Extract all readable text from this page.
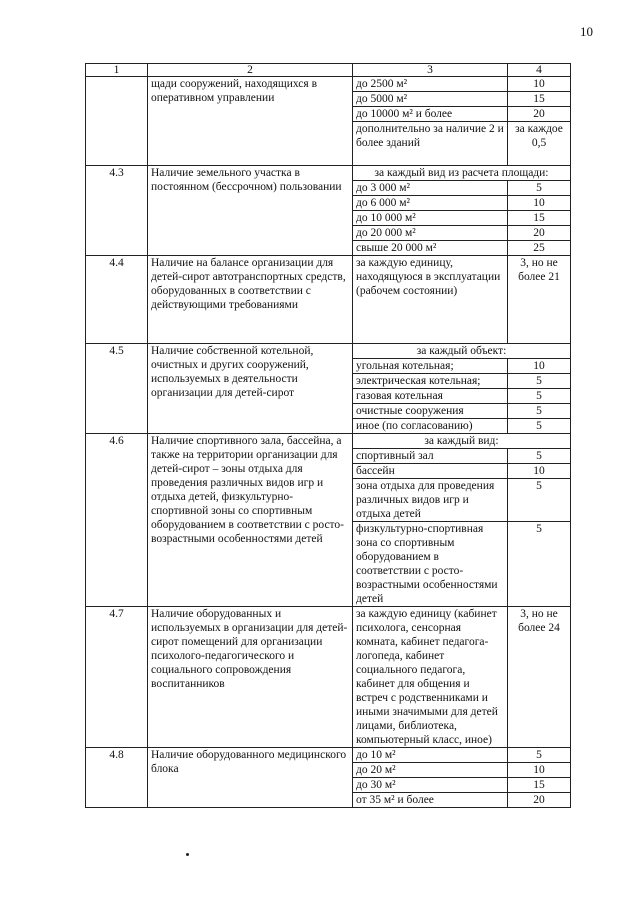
10
1	2	3	4
	щади сооружений, находящихся в оперативном управлении	до 2500 м²	10
		до 5000 м²	15
		до 10000 м² и более	20
		дополнительно за наличие 2 и более зданий	за каждое 0,5
4.3	Наличие земельного участка в постоянном (бессрочном) пользовании	за каждый вид из расчета площади:	
		до 3 000 м²	5
		до 6 000 м²	10
		до 10 000 м²	15
		до 20 000 м²	20
		свыше 20 000 м²	25
4.4	Наличие на балансе организации для детей-сирот автотранспортных средств, оборудованных в соответствии с действующими требованиями	за каждую единицу, находящуюся в эксплуатации (рабочем состоянии)	3, но не более 21
4.5	Наличие собственной котельной, очистных и других сооружений, используемых в деятельности организации для детей-сирот	за каждый объект:	
		угольная котельная;	10
		электрическая котельная;	5
		газовая котельная	5
		очистные сооружения	5
		иное (по согласованию)	5
4.6	Наличие спортивного зала, бассейна, а также на территории организации для детей-сирот – зоны отдыха для проведения различных видов игр и отдыха детей, физкультурно-спортивной зоны со спортивным оборудованием в соответствии с росто-возрастными особенностями детей	за каждый вид:	
		спортивный зал	5
		бассейн	10
		зона отдыха для проведения различных видов игр и отдыха детей	5
		физкультурно-спортивная зона со спортивным оборудованием в соответствии с росто-возрастными особенностями детей	5
4.7	Наличие оборудованных и используемых в организации для детей-сирот помещений для организации психолого-педагогического и социального сопровождения воспитанников	за каждую единицу (кабинет психолога, сенсорная комната, кабинет педагога-логопеда, кабинет социального педагога, кабинет для общения и встреч с родственниками и иными значимыми для детей лицами, библиотека, компьютерный класс, иное)	3, но не более 24
4.8	Наличие оборудованного медицинского блока	до 10 м²	5
		до 20 м²	10
		до 30 м²	15
		от 35 м² и более	20
